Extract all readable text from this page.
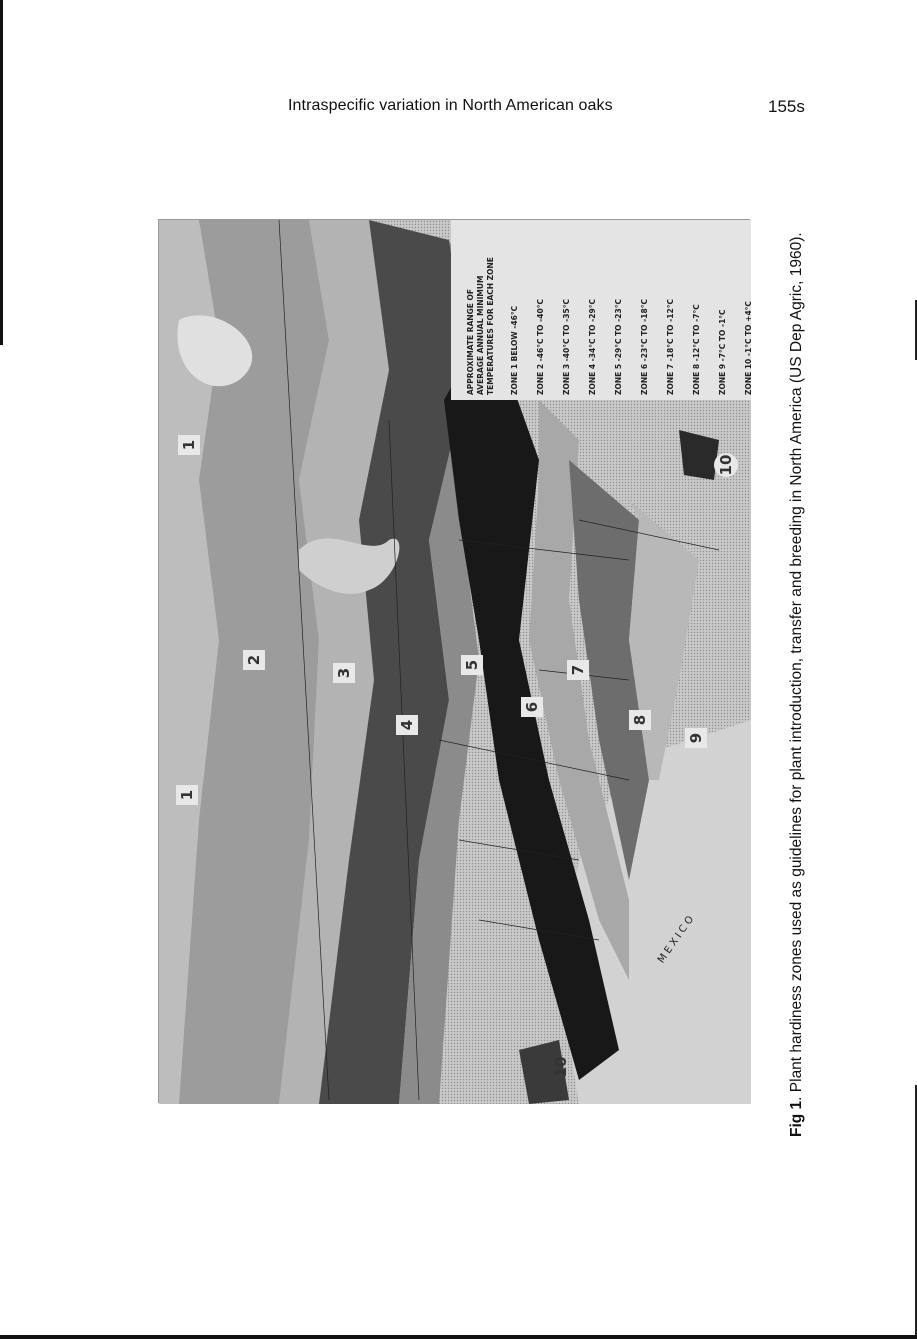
Intraspecific variation in North American oaks	155s
APPROXIMATE RANGE OF AVERAGE ANNUAL MINIMUM TEMPERATURES FOR EACH ZONE ZONE 1 BELOW -46°C ZONE 2 -46°C TO -40°C ZONE 3 -40°C TO -35°C ZONE 4 -34°C TO -29°C ZONE 5 -29°C TO -23°C ZONE 6 -23°C TO -18°C ZONE 7 -18°C TO -12°C ZONE 8 -12°C TO -7°C ZONE 9 -7°C TO -1°C ZONE 10 -1°C TO +4°C
1
2
3
4
5
6
7
8
9
10
10
1
MEXICO
Fig 1. Plant hardiness zones used as guidelines for plant introduction, transfer and breeding in North America (US Dep Agric, 1960).
